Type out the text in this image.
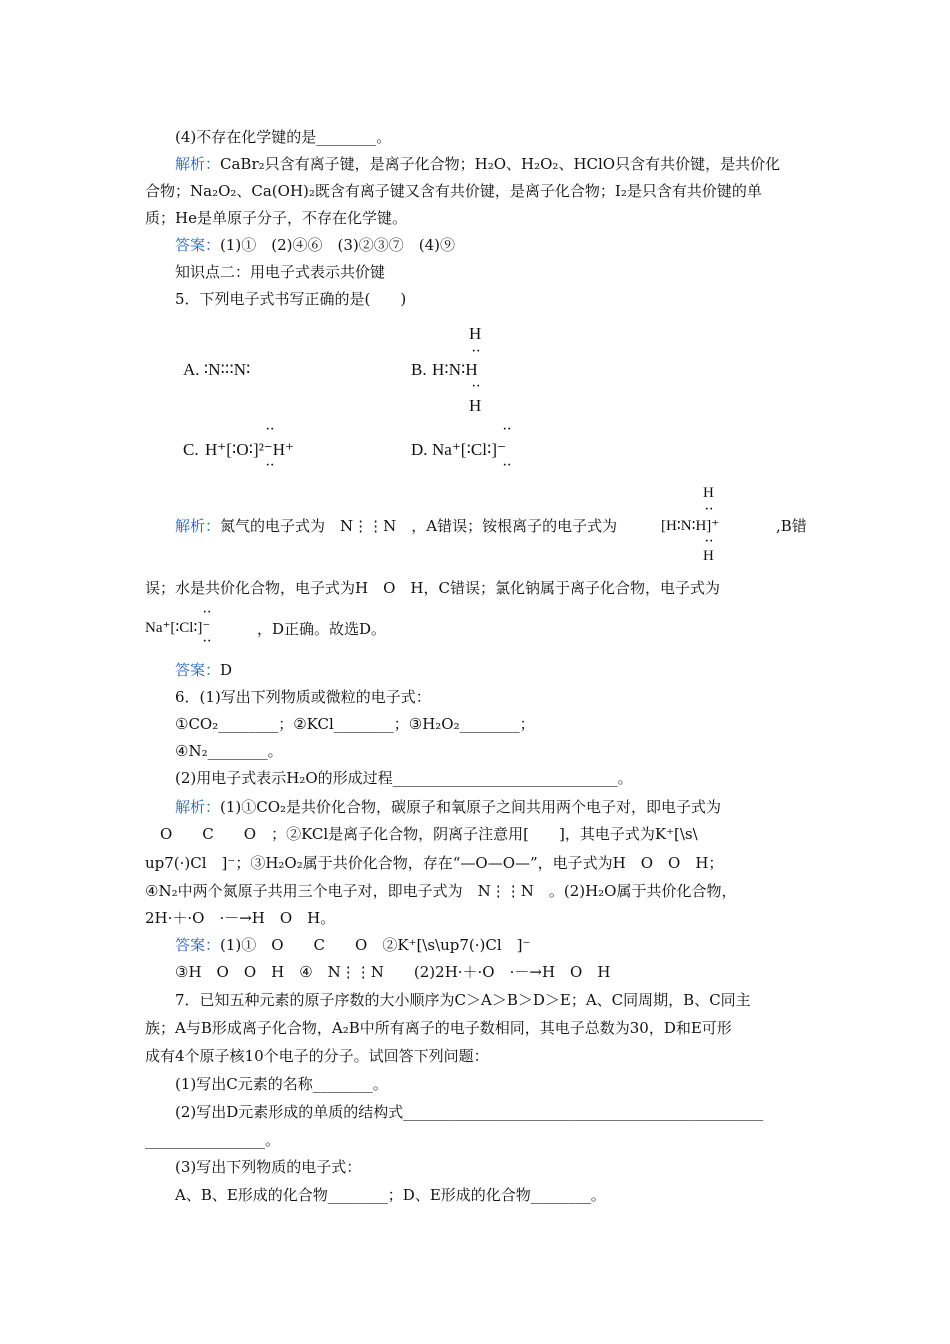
(4)不存在化学键的是________。
解析：CaBr₂只含有离子键，是离子化合物；H₂O、H₂O₂、HClO只含有共价键，是共价化
合物；Na₂O₂、Ca(OH)₂既含有离子键又含有共价键，是离子化合物；I₂是只含有共价键的单
质；He是单原子分子，不存在化学键。
答案：(1)①　(2)④⑥　(3)②③⑦　(4)⑨
知识点二：用电子式表示共价键
5．下列电子式书写正确的是(　　)
A. ∶N∶∶∶N∶	B. H∶N∶H
H
H
··
··
C. H⁺[∶O∶]²⁻H⁺
··
··
D. Na⁺[∶Cl∶]⁻
··
··
解析：氮气的电子式为　N⋮⋮N　，A错误；铵根离子的电子式为	[H∶N∶H]⁺
H
H
··
··
,B错
误；水是共价化合物，电子式为H　O　H，C错误；氯化钠属于离子化合物，电子式为
Na⁺[∶Cl∶]⁻
··
··
，D正确。故选D。
答案：D
6．(1)写出下列物质或微粒的电子式：
①CO₂________；②KCl________；③H₂O₂________；
④N₂________。
(2)用电子式表示H₂O的形成过程______________________________。
解析：(1)①CO₂是共价化合物，碳原子和氧原子之间共用两个电子对，即电子式为
　O　　C　　O　；②KCl是离子化合物，阴离子注意用[　　]，其电子式为K⁺[\s\
up7(·)Cl　]⁻；③H₂O₂属于共价化合物，存在“—O—O—”，电子式为H　O　O　H；
④N₂中两个氮原子共用三个电子对，即电子式为　N⋮⋮N　。(2)H₂O属于共价化合物，
2H·＋·O　·－→H　O　H。
答案：(1)①　O　　C　　O　②K⁺[\s\up7(·)Cl　]⁻
③H　O　O　H　④　N⋮⋮N　　(2)2H·＋·O　·－→H　O　H
7．已知五种元素的原子序数的大小顺序为C＞A＞B＞D＞E；A、C同周期，B、C同主
族；A与B形成离子化合物，A₂B中所有离子的电子数相同，其电子总数为30，D和E可形
成有4个原子核10个电子的分子。试回答下列问题：
(1)写出C元素的名称________。
(2)写出D元素形成的单质的结构式________________________________________________
________________。
(3)写出下列物质的电子式：
A、B、E形成的化合物________；D、E形成的化合物________。
